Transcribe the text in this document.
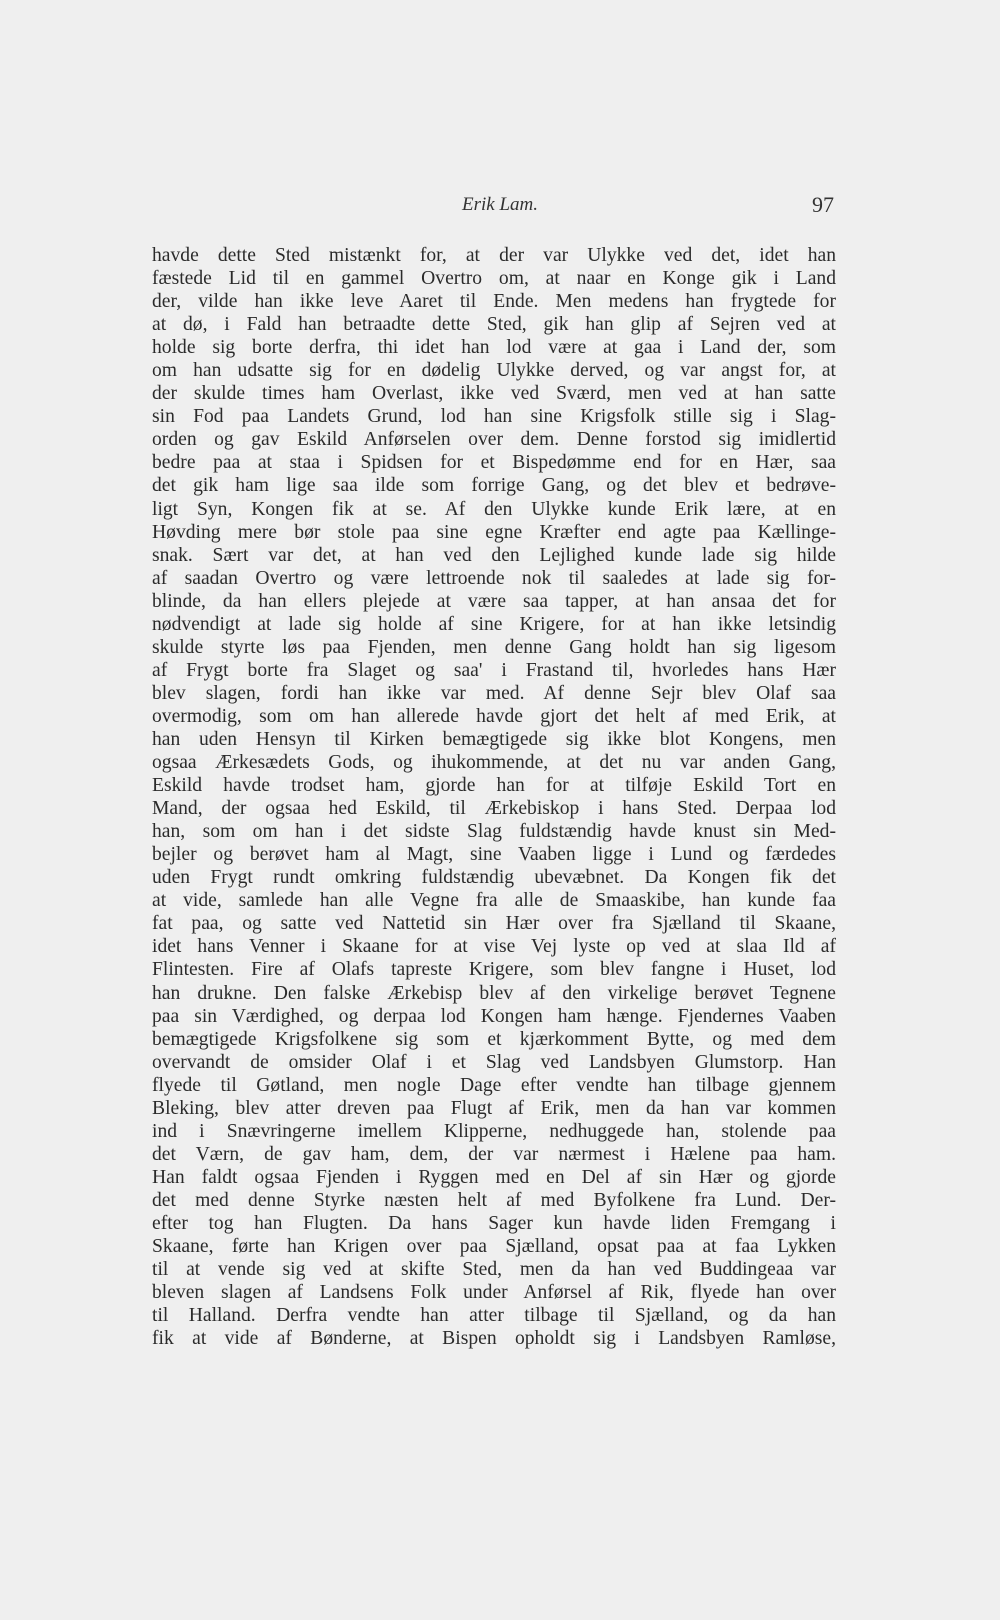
Erik Lam.	97
havde dette Sted mistænkt for, at der var Ulykke ved det, idet han
fæstede Lid til en gammel Overtro om, at naar en Konge gik i Land
der, vilde han ikke leve Aaret til Ende. Men medens han frygtede for
at dø, i Fald han betraadte dette Sted, gik han glip af Sejren ved at
holde sig borte derfra, thi idet han lod være at gaa i Land der, som
om han udsatte sig for en dødelig Ulykke derved, og var angst for, at
der skulde times ham Overlast, ikke ved Sværd, men ved at han satte
sin Fod paa Landets Grund, lod han sine Krigsfolk stille sig i Slag-
orden og gav Eskild Anførselen over dem. Denne forstod sig imidlertid
bedre paa at staa i Spidsen for et Bispedømme end for en Hær, saa
det gik ham lige saa ilde som forrige Gang, og det blev et bedrøve-
ligt Syn, Kongen fik at se. Af den Ulykke kunde Erik lære, at en
Høvding mere bør stole paa sine egne Kræfter end agte paa Kællinge-
snak. Sært var det, at han ved den Lejlighed kunde lade sig hilde
af saadan Overtro og være lettroende nok til saaledes at lade sig for-
blinde, da han ellers plejede at være saa tapper, at han ansaa det for
nødvendigt at lade sig holde af sine Krigere, for at han ikke letsindig
skulde styrte løs paa Fjenden, men denne Gang holdt han sig ligesom
af Frygt borte fra Slaget og saa' i Frastand til, hvorledes hans Hær
blev slagen, fordi han ikke var med. Af denne Sejr blev Olaf saa
overmodig, som om han allerede havde gjort det helt af med Erik, at
han uden Hensyn til Kirken bemægtigede sig ikke blot Kongens, men
ogsaa Ærkesædets Gods, og ihukommende, at det nu var anden Gang,
Eskild havde trodset ham, gjorde han for at tilføje Eskild Tort en
Mand, der ogsaa hed Eskild, til Ærkebiskop i hans Sted. Derpaa lod
han, som om han i det sidste Slag fuldstændig havde knust sin Med-
bejler og berøvet ham al Magt, sine Vaaben ligge i Lund og færdedes
uden Frygt rundt omkring fuldstændig ubevæbnet. Da Kongen fik det
at vide, samlede han alle Vegne fra alle de Smaaskibe, han kunde faa
fat paa, og satte ved Nattetid sin Hær over fra Sjælland til Skaane,
idet hans Venner i Skaane for at vise Vej lyste op ved at slaa Ild af
Flintesten. Fire af Olafs tapreste Krigere, som blev fangne i Huset, lod
han drukne. Den falske Ærkebisp blev af den virkelige berøvet Tegnene
paa sin Værdighed, og derpaa lod Kongen ham hænge. Fjendernes Vaaben
bemægtigede Krigsfolkene sig som et kjærkomment Bytte, og med dem
overvandt de omsider Olaf i et Slag ved Landsbyen Glumstorp. Han
flyede til Gøtland, men nogle Dage efter vendte han tilbage gjennem
Bleking, blev atter dreven paa Flugt af Erik, men da han var kommen
ind i Snævringerne imellem Klipperne, nedhuggede han, stolende paa
det Værn, de gav ham, dem, der var nærmest i Hælene paa ham.
Han faldt ogsaa Fjenden i Ryggen med en Del af sin Hær og gjorde
det med denne Styrke næsten helt af med Byfolkene fra Lund. Der-
efter tog han Flugten. Da hans Sager kun havde liden Fremgang i
Skaane, førte han Krigen over paa Sjælland, opsat paa at faa Lykken
til at vende sig ved at skifte Sted, men da han ved Buddingeaa var
bleven slagen af Landsens Folk under Anførsel af Rik, flyede han over
til Halland. Derfra vendte han atter tilbage til Sjælland, og da han
fik at vide af Bønderne, at Bispen opholdt sig i Landsbyen Ramløse,
